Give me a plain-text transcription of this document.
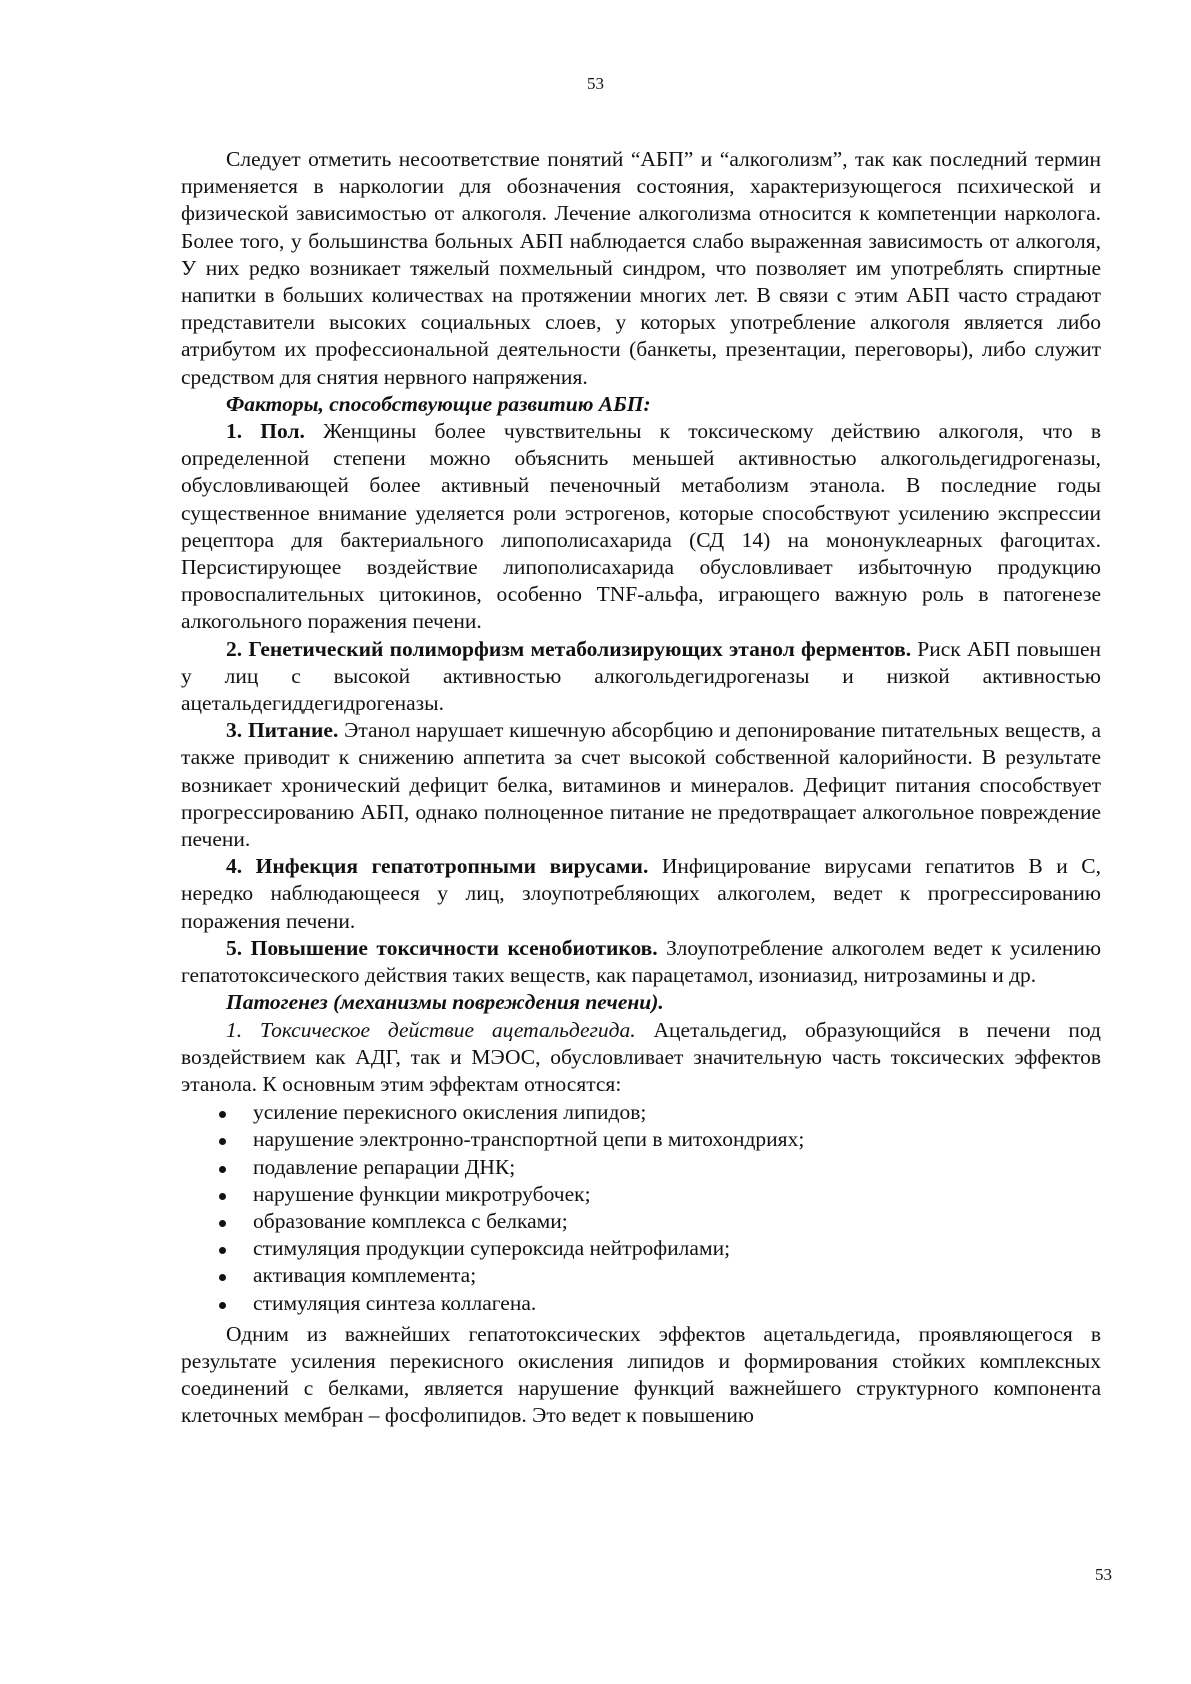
53

Следует отметить несоответствие понятий “АБП” и “алкоголизм”, так как последний термин применяется в наркологии для обозначения состояния, характеризующегося психической и физической зависимостью от алкоголя. Лечение алкоголизма относится к компетенции нарколога. Более того, у большинства больных АБП наблюдается слабо выраженная зависимость от алкоголя, У них редко возникает тяжелый похмельный синдром, что позволяет им употреблять спиртные напитки в больших количествах на протяжении многих лет. В связи с этим АБП часто страдают представители высоких социальных слоев, у которых употребление алкоголя является либо атрибутом их профессиональной деятельности (банкеты, презентации, переговоры), либо служит средством для снятия нервного напряжения.

Факторы, способствующие развитию АБП:

1. Пол. Женщины более чувствительны к токсическому действию алкоголя, что в определенной степени можно объяснить меньшей активностью алкогольдегидрогеназы, обусловливающей более активный печеночный метаболизм этанола. В последние годы существенное внимание уделяется роли эстрогенов, которые способствуют усилению экспрессии рецептора для бактериального липополисахарида (СД 14) на мононуклеарных фагоцитах. Персистирующее воздействие липополисахарида обусловливает избыточную продукцию провоспалительных цитокинов, особенно TNF-альфа, играющего важную роль в патогенезе алкогольного поражения печени.

2. Генетический полиморфизм метаболизирующих этанол ферментов. Риск АБП повышен у лиц с высокой активностью алкогольдегидрогеназы и низкой активностью ацетальдегиддегидрогеназы.

3. Питание. Этанол нарушает кишечную абсорбцию и депонирование питательных веществ, а также приводит к снижению аппетита за счет высокой собственной калорийности. В результате возникает хронический дефицит белка, витаминов и минералов. Дефицит питания способствует прогрессированию АБП, однако полноценное питание не предотвращает алкогольное повреждение печени.

4. Инфекция гепатотропными вирусами. Инфицирование вирусами гепатитов В и С, нередко наблюдающееся у лиц, злоупотребляющих алкоголем, ведет к прогрессированию поражения печени.

5. Повышение токсичности ксенобиотиков. Злоупотребление алкоголем ведет к усилению гепатотоксического действия таких веществ, как парацетамол, изониазид, нитрозамины и др.

Патогенез (механизмы повреждения печени).

1. Токсическое действие ацетальдегида. Ацетальдегид, образующийся в печени под воздействием как АДГ, так и МЭОС, обусловливает значительную часть токсических эффектов этанола. К основным этим эффектам относятся:

усиление перекисного окисления липидов;
нарушение электронно-транспортной цепи в митохондриях;
подавление репарации ДНК;
нарушение функции микротрубочек;
образование комплекса с белками;
стимуляция продукции супероксида нейтрофилами;
активация комплемента;
стимуляция синтеза коллагена.

Одним из важнейших гепатотоксических эффектов ацетальдегида, проявляющегося в результате усиления перекисного окисления липидов и формирования стойких комплексных соединений с белками, является нарушение функций важнейшего структурного компонента клеточных мембран – фосфолипидов. Это ведет к повышению

53
